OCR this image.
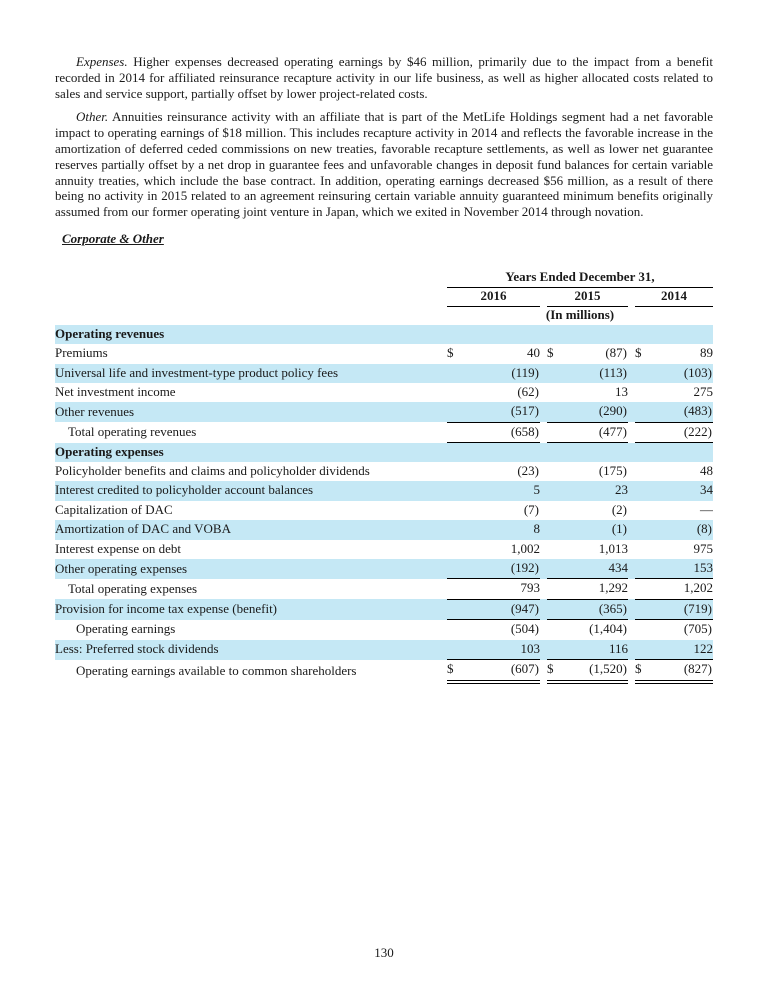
Expenses. Higher expenses decreased operating earnings by $46 million, primarily due to the impact from a benefit recorded in 2014 for affiliated reinsurance recapture activity in our life business, as well as higher allocated costs related to sales and service support, partially offset by lower project-related costs.

Other. Annuities reinsurance activity with an affiliate that is part of the MetLife Holdings segment had a net favorable impact to operating earnings of $18 million. This includes recapture activity in 2014 and reflects the favorable increase in the amortization of deferred ceded commissions on new treaties, favorable recapture settlements, as well as lower net guarantee reserves partially offset by a net drop in guarantee fees and unfavorable changes in deposit fund balances for certain variable annuity treaties, which include the base contract. In addition, operating earnings decreased $56 million, as a result of there being no activity in 2015 related to an agreement reinsuring certain variable annuity guaranteed minimum benefits originally assumed from our former operating joint venture in Japan, which we exited in November 2014 through novation.

Corporate & Other
	Years Ended December 31,							
	2016			2015			2014	
	(In millions)							
Operating revenues								
Premiums	$	40		$	(87)		$	89
Universal life and investment-type product policy fees		(119)			(113)			(103)
Net investment income		(62)			13			275
Other revenues		(517)			(290)			(483)
Total operating revenues		(658)			(477)			(222)
Operating expenses								
Policyholder benefits and claims and policyholder dividends		(23)			(175)			48
Interest credited to policyholder account balances		5			23			34
Capitalization of DAC		(7)			(2)			—
Amortization of DAC and VOBA		8			(1)			(8)
Interest expense on debt		1,002			1,013			975
Other operating expenses		(192)			434			153
Total operating expenses		793			1,292			1,202
Provision for income tax expense (benefit)		(947)			(365)			(719)
Operating earnings		(504)			(1,404)			(705)
Less: Preferred stock dividends		103			116			122
Operating earnings available to common shareholders	$	(607)		$	(1,520)		$	(827)
130
